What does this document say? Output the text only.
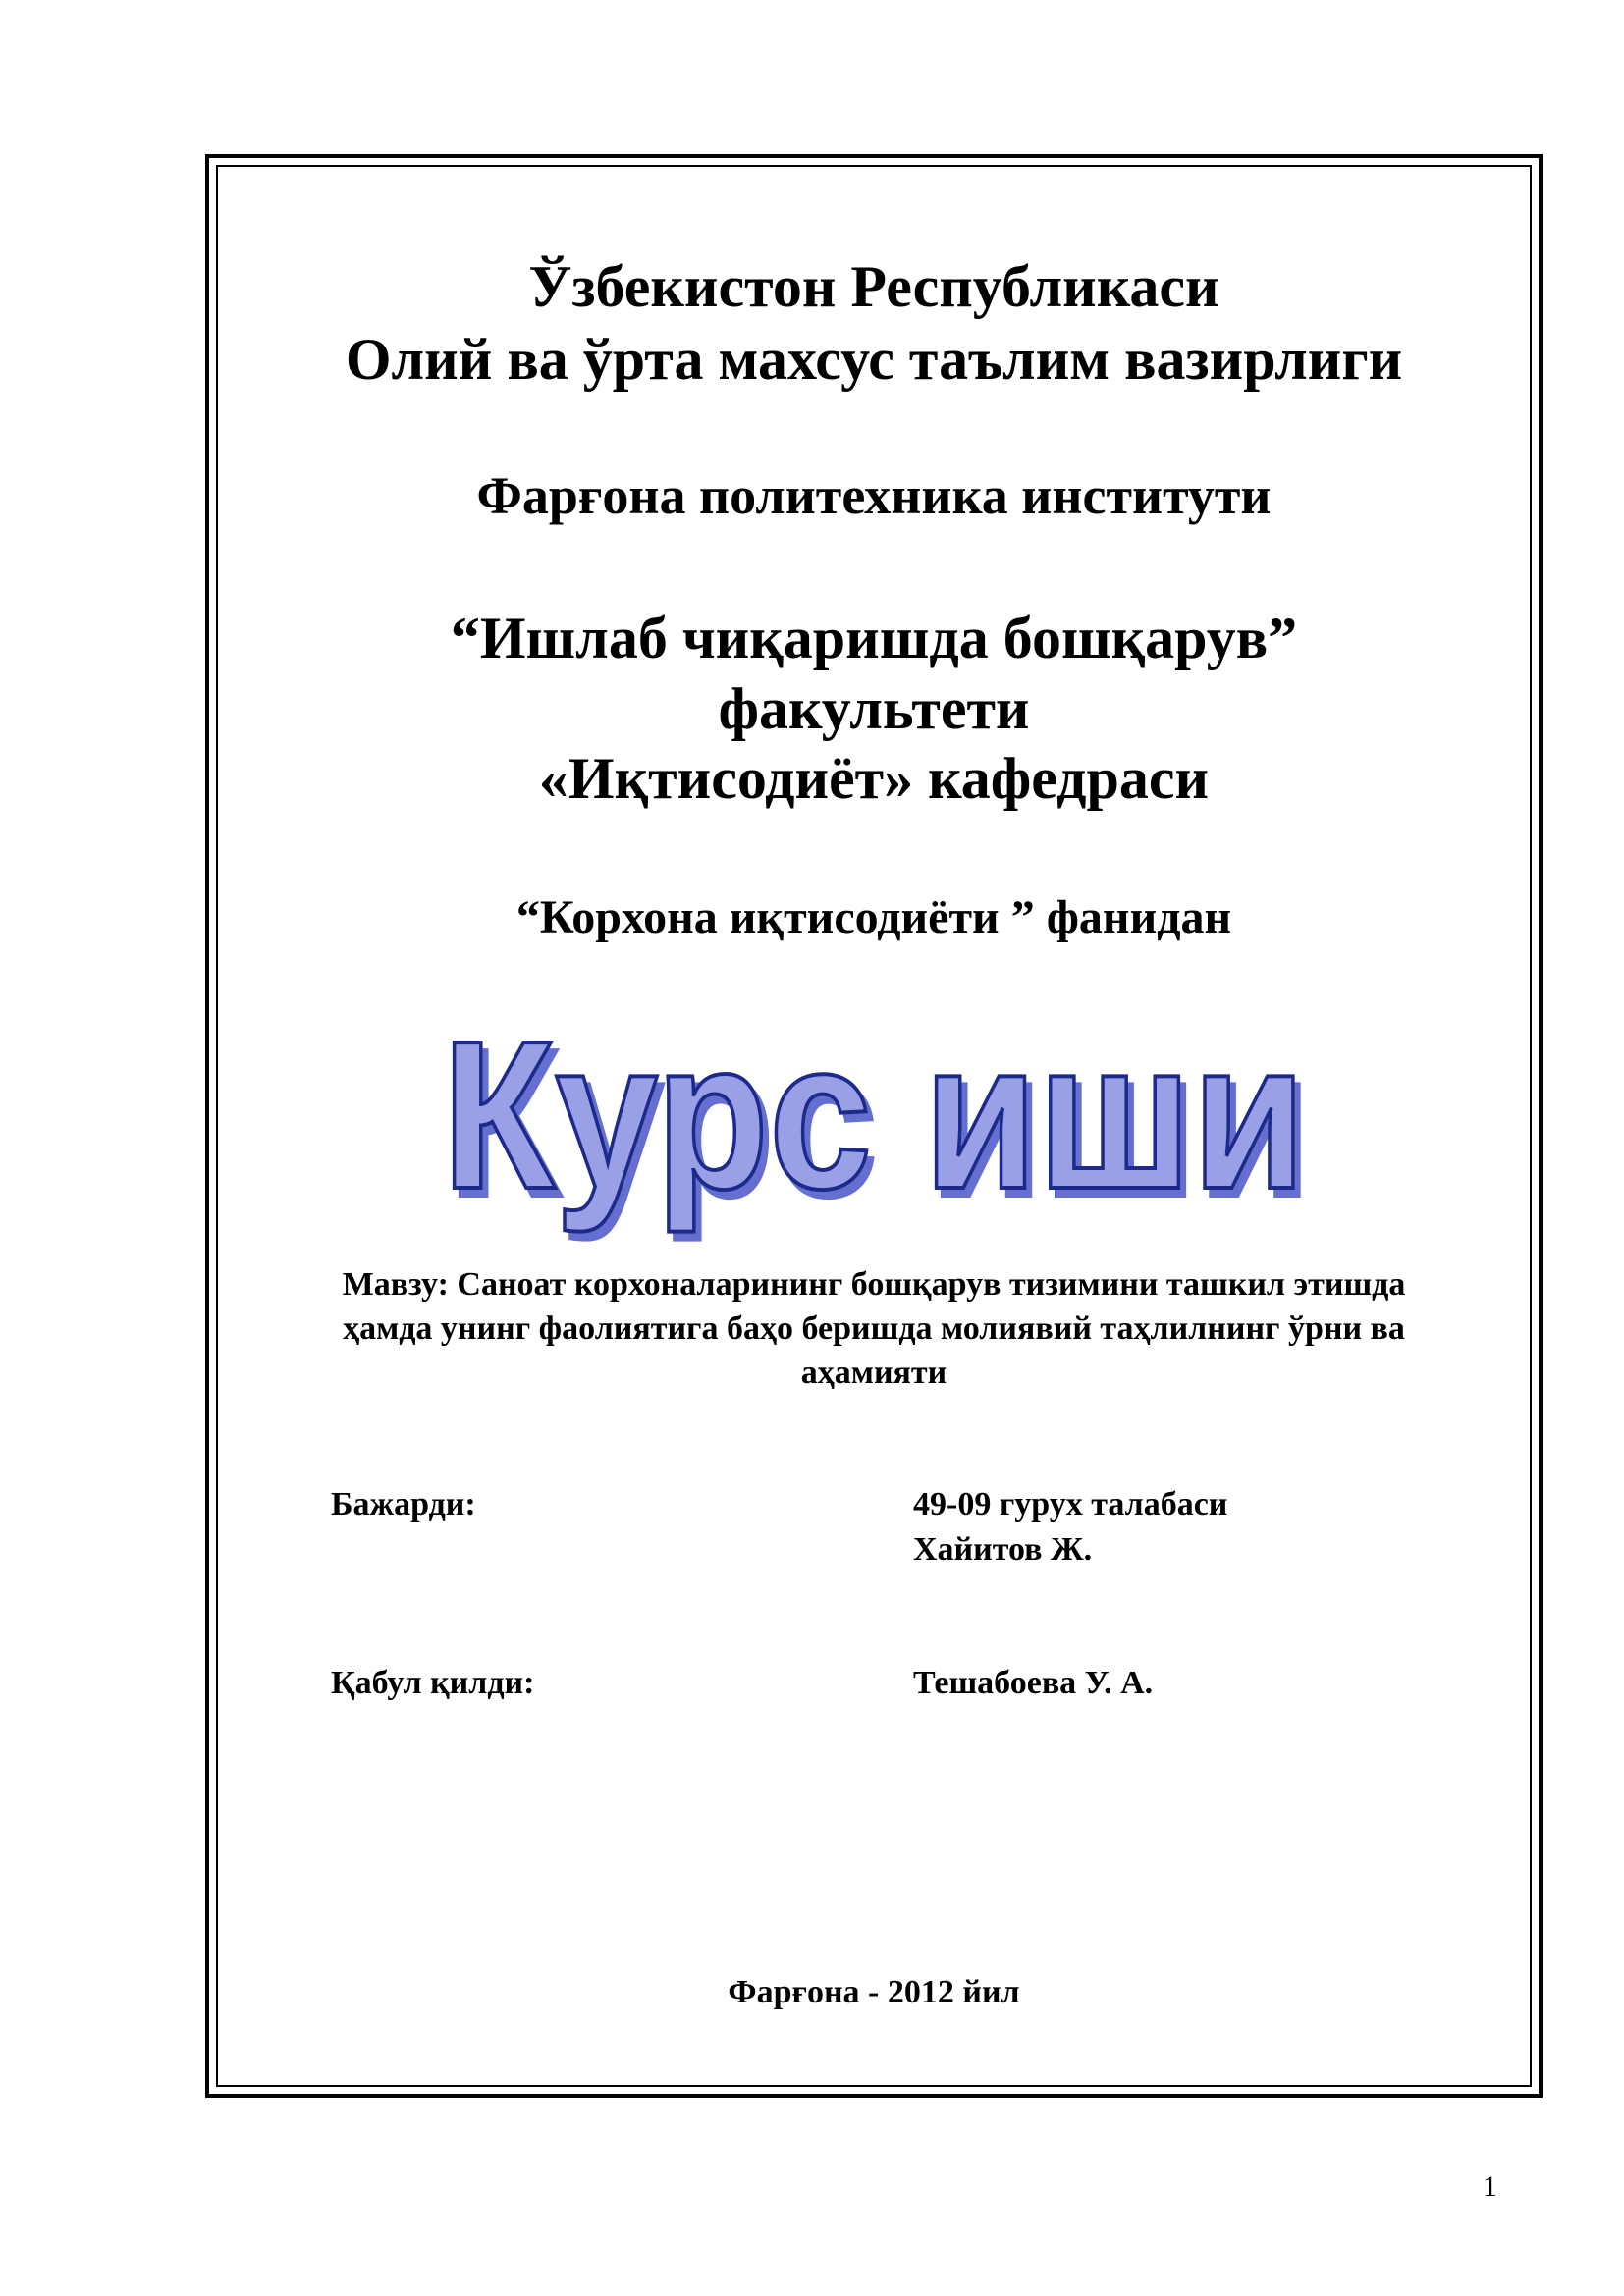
Ўзбекистон Республикаси
Олий ва ўрта махсус таълим вазирлиги
Фарғона политехника институти
“Ишлаб чиқаришда бошқарув”
факультети
«Иқтисодиёт» кафедраси
“Корхона иқтисодиёти ” фанидан
Курс иши
Мавзу: Саноат корхоналарининг бошқарув тизимини ташкил этишда
ҳамда унинг фаолиятига баҳо беришда молиявий таҳлилнинг ўрни ва
аҳамияти
Бажарди:	49-09 гурух талабаси
Хайитов Ж.
Қабул қилди:	Тешабоева У. А.
Фарғона - 2012 йил
1
